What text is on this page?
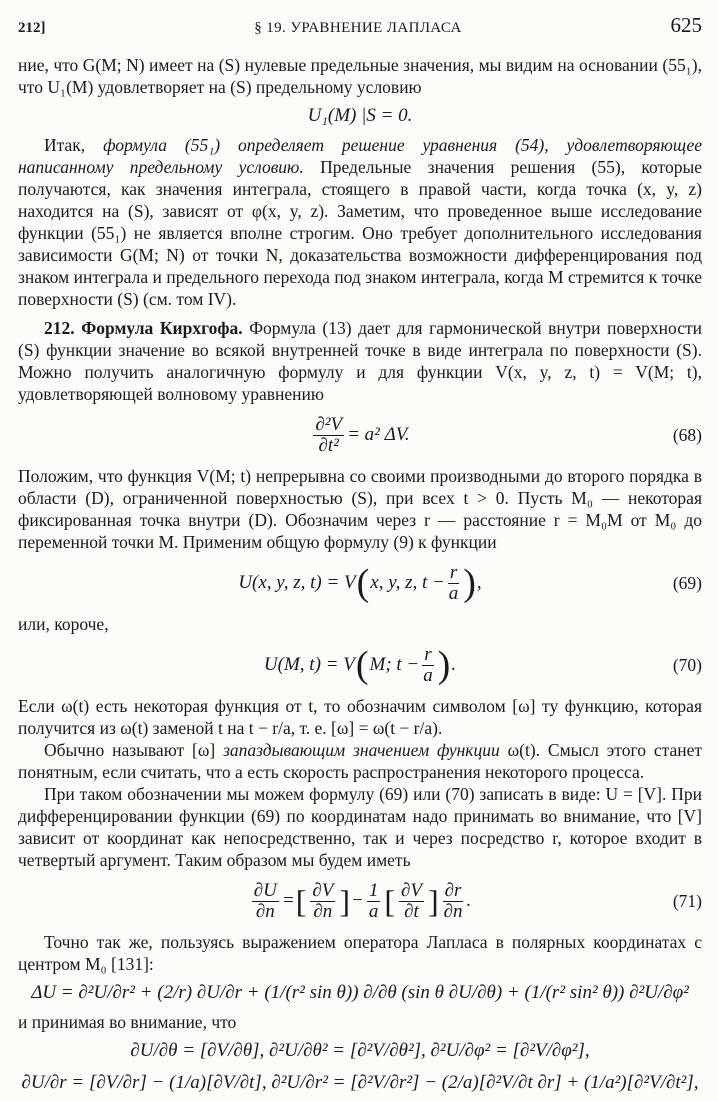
212]	§ 19. УРАВНЕНИЕ ЛАПЛАСА	625

ние, что G(M; N) имеет на (S) нулевые предельные значения, мы видим на основании (55₁), что U₁(M) удовлетворяет на (S) предельному условию

U₁(M) |S = 0.

Итак, формула (55₁) определяет решение уравнения (54), удовлетворяющее написанному предельному условию. Предельные значения решения (55), которые получаются, как значения интеграла, стоящего в правой части, когда точка (x, y, z) находится на (S), зависят от φ(x, y, z). Заметим, что проведенное выше исследование функции (55₁) не является вполне строгим. Оно требует дополнительного исследования зависимости G(M; N) от точки N, доказательства возможности дифференцирования под знаком интеграла и предельного перехода под знаком интеграла, когда M стремится к точке поверхности (S) (см. том IV).

212. Формула Кирхгофа. Формула (13) дает для гармонической внутри поверхности (S) функции значение во всякой внутренней точке в виде интеграла по поверхности (S). Можно получить аналогичную формулу и для функции V(x, y, z, t) = V(M; t), удовлетворяющей волновому уравнению

$\frac{\text{∂²V}}{\text{∂t²}} = a^2$ ΔV.	(68)

Положим, что функция V(M; t) непрерывна со своими производными до второго порядка в области (D), ограниченной поверхностью (S), при всех t > 0. Пусть M₀ — некоторая фиксированная точка внутри (D). Обозначим через r — расстояние r = M₀M от M₀ до переменной точки M. Применим общую формулу (9) к функции

U(x, y, z, t) = V ( x, y, z, $t - \frac{r}{a}$ ) ,	(69)

или, короче,

U(M, t) = V ( M; $t - \frac{r}{a}$ ) .	(70)

Если ω(t) есть некоторая функция от t, то обозначим символом [ω] ту функцию, которая получится из ω(t) заменой t на t − r/a, т. е. [ω] = ω(t − r/a).

Обычно называют [ω] запаздывающим значением функции ω(t). Смысл этого станет понятным, если считать, что a есть скорость распространения некоторого процесса.

При таком обозначении мы можем формулу (69) или (70) записать в виде: U = [V]. При дифференцировании функции (69) по координатам надо принимать во внимание, что [V] зависит от координат как непосредственно, так и через посредство r, которое входит в четвертый аргумент. Таким образом мы будем иметь

$\frac{\partial U}{\partial n}$ = [ $\frac{\partial V}{\partial n}$ ] − $\frac{1}{a}$ [ $\frac{\partial V}{\partial t}$ ] $\frac{\partial r}{\partial n}$ .	(71)

Точно так же, пользуясь выражением оператора Лапласа в полярных координатах с центром M₀ [131]:

ΔU = ∂²U/∂r² + (2/r) ∂U/∂r + (1/(r² sin θ)) ∂/∂θ (sin θ ∂U/∂θ) + (1/(r² sin² θ)) ∂²U/∂φ²

и принимая во внимание, что

∂U/∂θ = [∂V/∂θ], ∂²U/∂θ² = [∂²V/∂θ²], ∂²U/∂φ² = [∂²V/∂φ²],
∂U/∂r = [∂V/∂r] − (1/a)[∂V/∂t], ∂²U/∂r² = [∂²V/∂r²] − (2/a)[∂²V/∂t ∂r] + (1/a²)[∂²V/∂t²],
